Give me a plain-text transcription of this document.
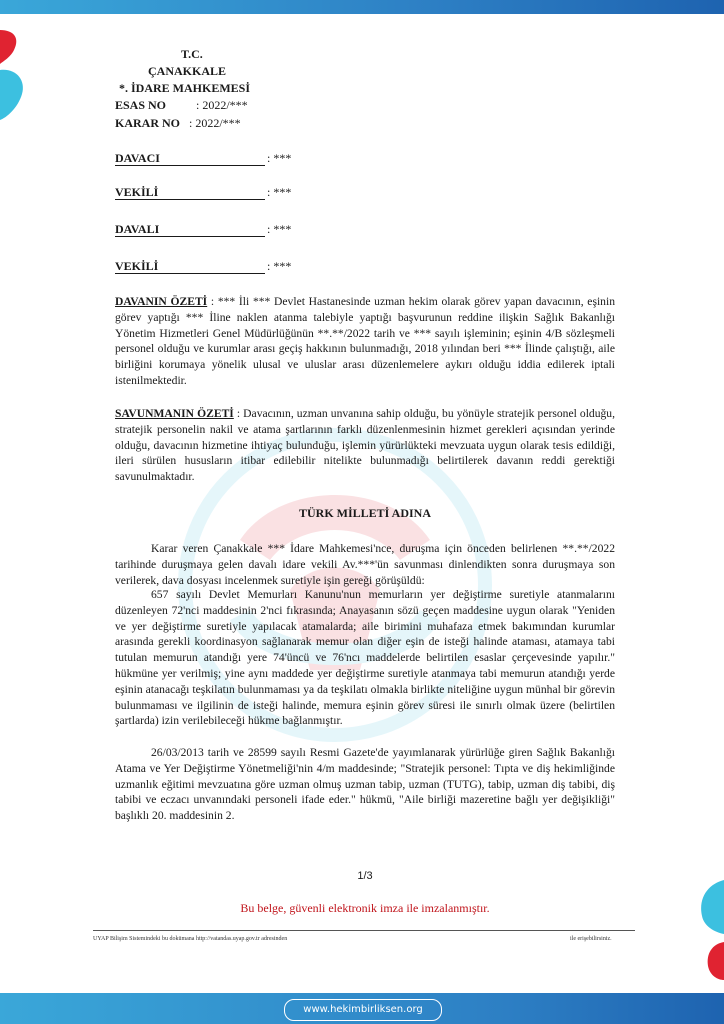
T.C.
ÇANAKKALE
*. İDARE MAHKEMESİ
ESAS NO : 2022/***
KARAR NO : 2022/***
DAVACI	: ***
VEKİLİ	: ***
DAVALI	: ***
VEKİLİ	: ***
DAVANIN ÖZETİ : *** İli *** Devlet Hastanesinde uzman hekim olarak görev yapan davacının, eşinin görev yaptığı *** İline naklen atanma talebiyle yaptığı başvurunun reddine ilişkin Sağlık Bakanlığı Yönetim Hizmetleri Genel Müdürlüğünün **.**/2022 tarih ve *** sayılı işleminin; eşinin 4/B sözleşmeli personel olduğu ve kurumlar arası geçiş hakkının bulunmadığı, 2018 yılından beri *** İlinde çalıştığı, aile birliğini korumaya yönelik ulusal ve uluslar arası düzenlemelere aykırı olduğu iddia edilerek iptali istenilmektedir.
SAVUNMANIN ÖZETİ : Davacının, uzman unvanına sahip olduğu, bu yönüyle stratejik personel olduğu, stratejik personelin nakil ve atama şartlarının farklı düzenlenmesinin hizmet gerekleri açısından yerinde olduğu, davacının hizmetine ihtiyaç bulunduğu, işlemin yürürlükteki mevzuata uygun olarak tesis edildiği, ileri sürülen hususların itibar edilebilir nitelikte bulunmadığı belirtilerek davanın reddi gerektiği savunulmaktadır.
TÜRK MİLLETİ ADINA
Karar veren Çanakkale *** İdare Mahkemesi'nce, duruşma için önceden belirlenen **.**/2022 tarihinde duruşmaya gelen davalı idare vekili Av.***'ün savunması dinlendikten sonra duruşmaya son verilerek, dava dosyası incelenmek suretiyle işin gereği görüşüldü:
657 sayılı Devlet Memurları Kanunu'nun memurların yer değiştirme suretiyle atanmalarını düzenleyen 72'nci maddesinin 2'nci fıkrasında; Anayasanın sözü geçen maddesine uygun olarak "Yeniden ve yer değiştirme suretiyle yapılacak atamalarda; aile birimini muhafaza etmek bakımından kurumlar arasında gerekli koordinasyon sağlanarak memur olan diğer eşin de isteği halinde ataması, atamaya tabi tutulan memurun atandığı yere 74'üncü ve 76'ncı maddelerde belirtilen esaslar çerçevesinde yapılır." hükmüne yer verilmiş; yine aynı maddede yer değiştirme suretiyle atanmaya tabi memurun atandığı yerde eşinin atanacağı teşkilatın bulunmaması ya da teşkilatı olmakla birlikte niteliğine uygun münhal bir görevin bulunmaması ve ilgilinin de isteği halinde, memura eşinin görev süresi ile sınırlı olmak üzere (belirtilen şartlarda) izin verilebileceği hükme bağlanmıştır.
26/03/2013 tarih ve 28599 sayılı Resmi Gazete'de yayımlanarak yürürlüğe giren Sağlık Bakanlığı Atama ve Yer Değiştirme Yönetmeliği'nin 4/m maddesinde; "Stratejik personel: Tıpta ve diş hekimliğinde uzmanlık eğitimi mevzuatına göre uzman olmuş uzman tabip, uzman (TUTG), tabip, uzman diş tabibi, diş tabibi ve eczacı unvanındaki personeli ifade eder." hükmü, "Aile birliği mazeretine bağlı yer değişikliği" başlıklı 20. maddesinin 2.
1/3
Bu belge, güvenli elektronik imza ile imzalanmıştır.
UYAP Bilişim Sistemindeki bu dokümana http://vatandas.uyap.gov.tr adresinden	ile erişebilirsiniz.
www.hekimbirliksen.org
